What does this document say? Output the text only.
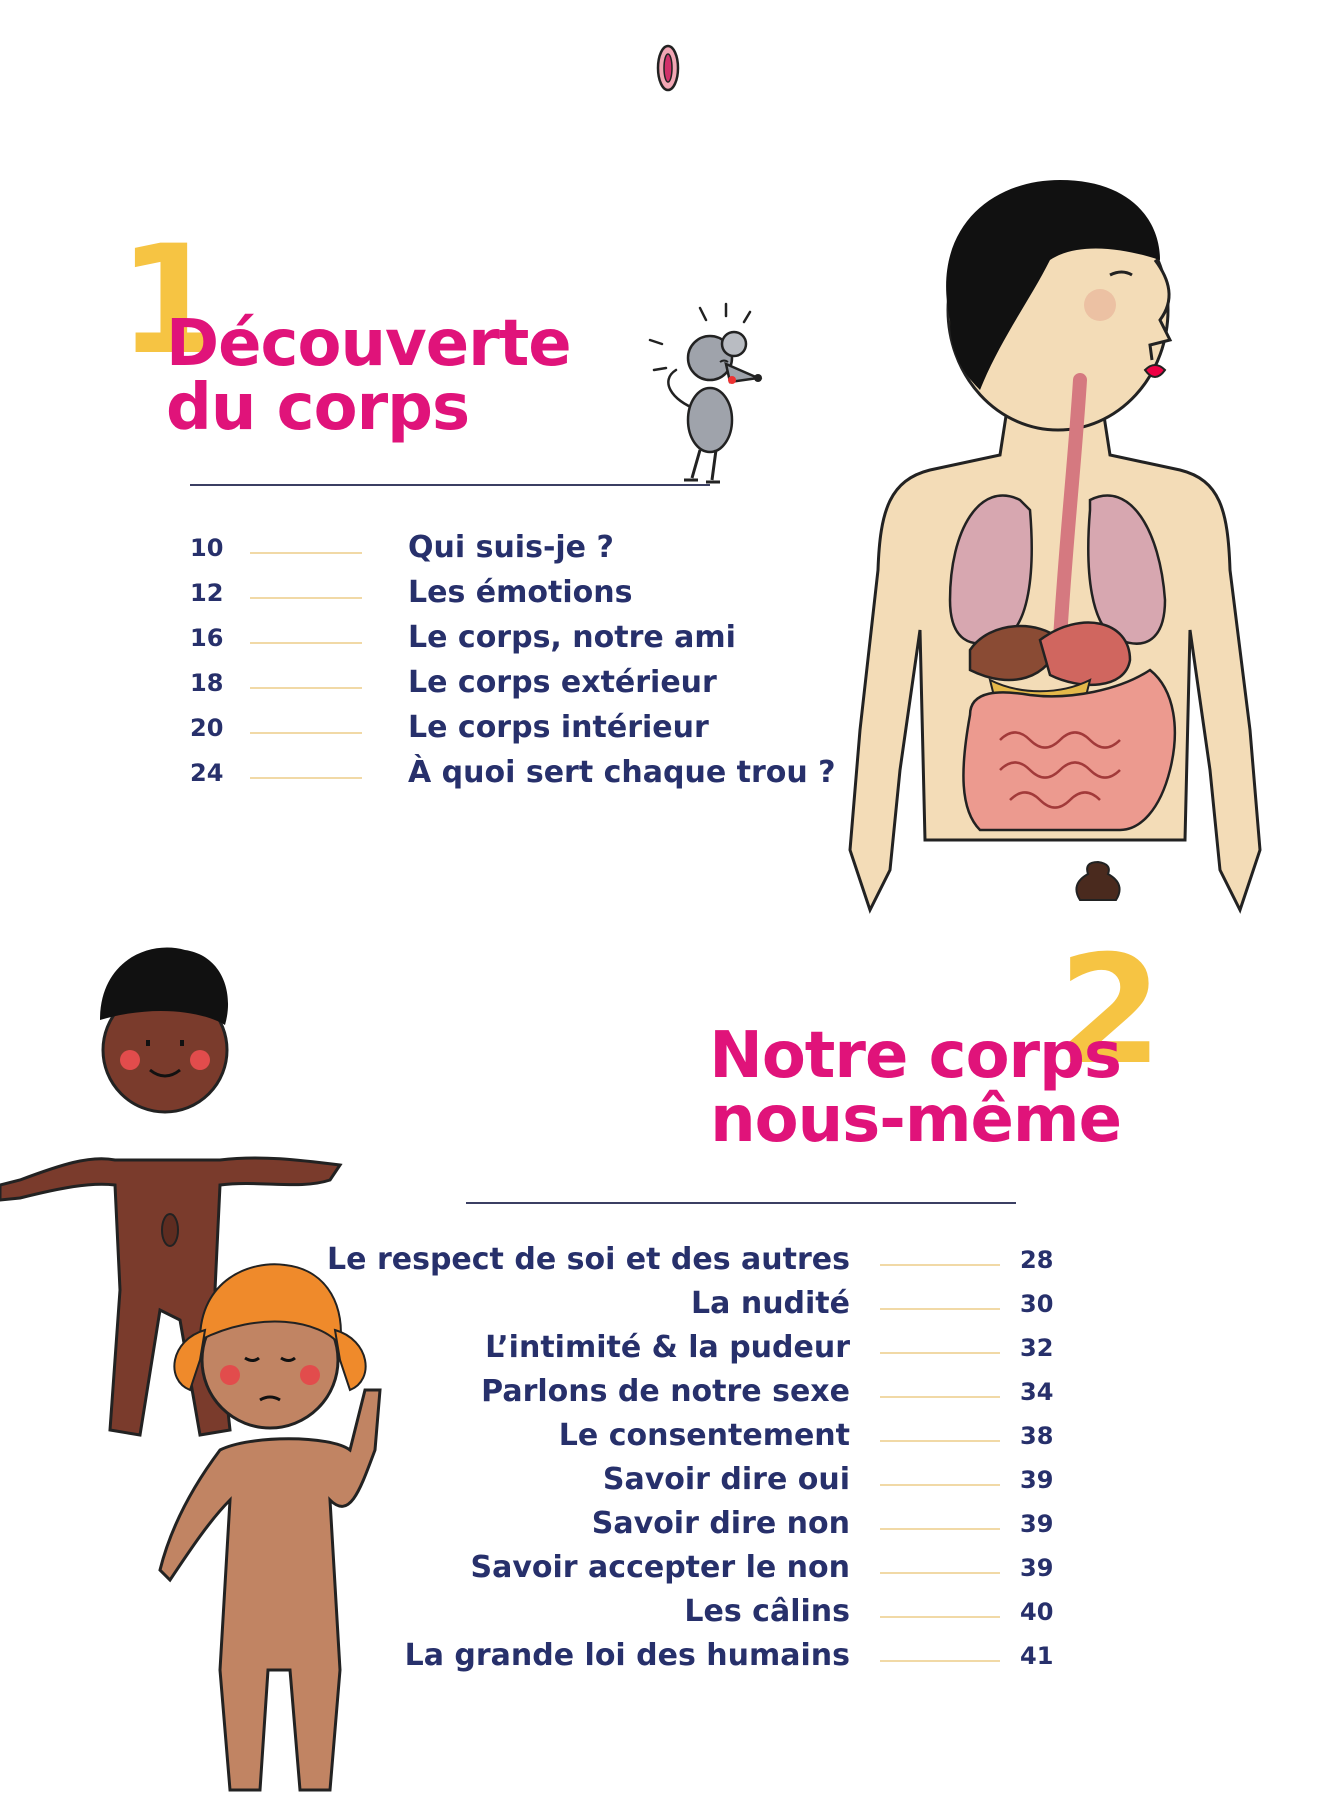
1
Découverte
du corps
10	Qui suis-je ?
12	Les émotions
16	Le corps, notre ami
18	Le corps extérieur
20	Le corps intérieur
24	À quoi sert chaque trou ?
2
Notre corps
nous-même
Le respect de soi et des autres	28
La nudité	30
L’intimité & la pudeur	32
Parlons de notre sexe	34
Le consentement	38
Savoir dire oui	39
Savoir dire non	39
Savoir accepter le non	39
Les câlins	40
La grande loi des humains	41
